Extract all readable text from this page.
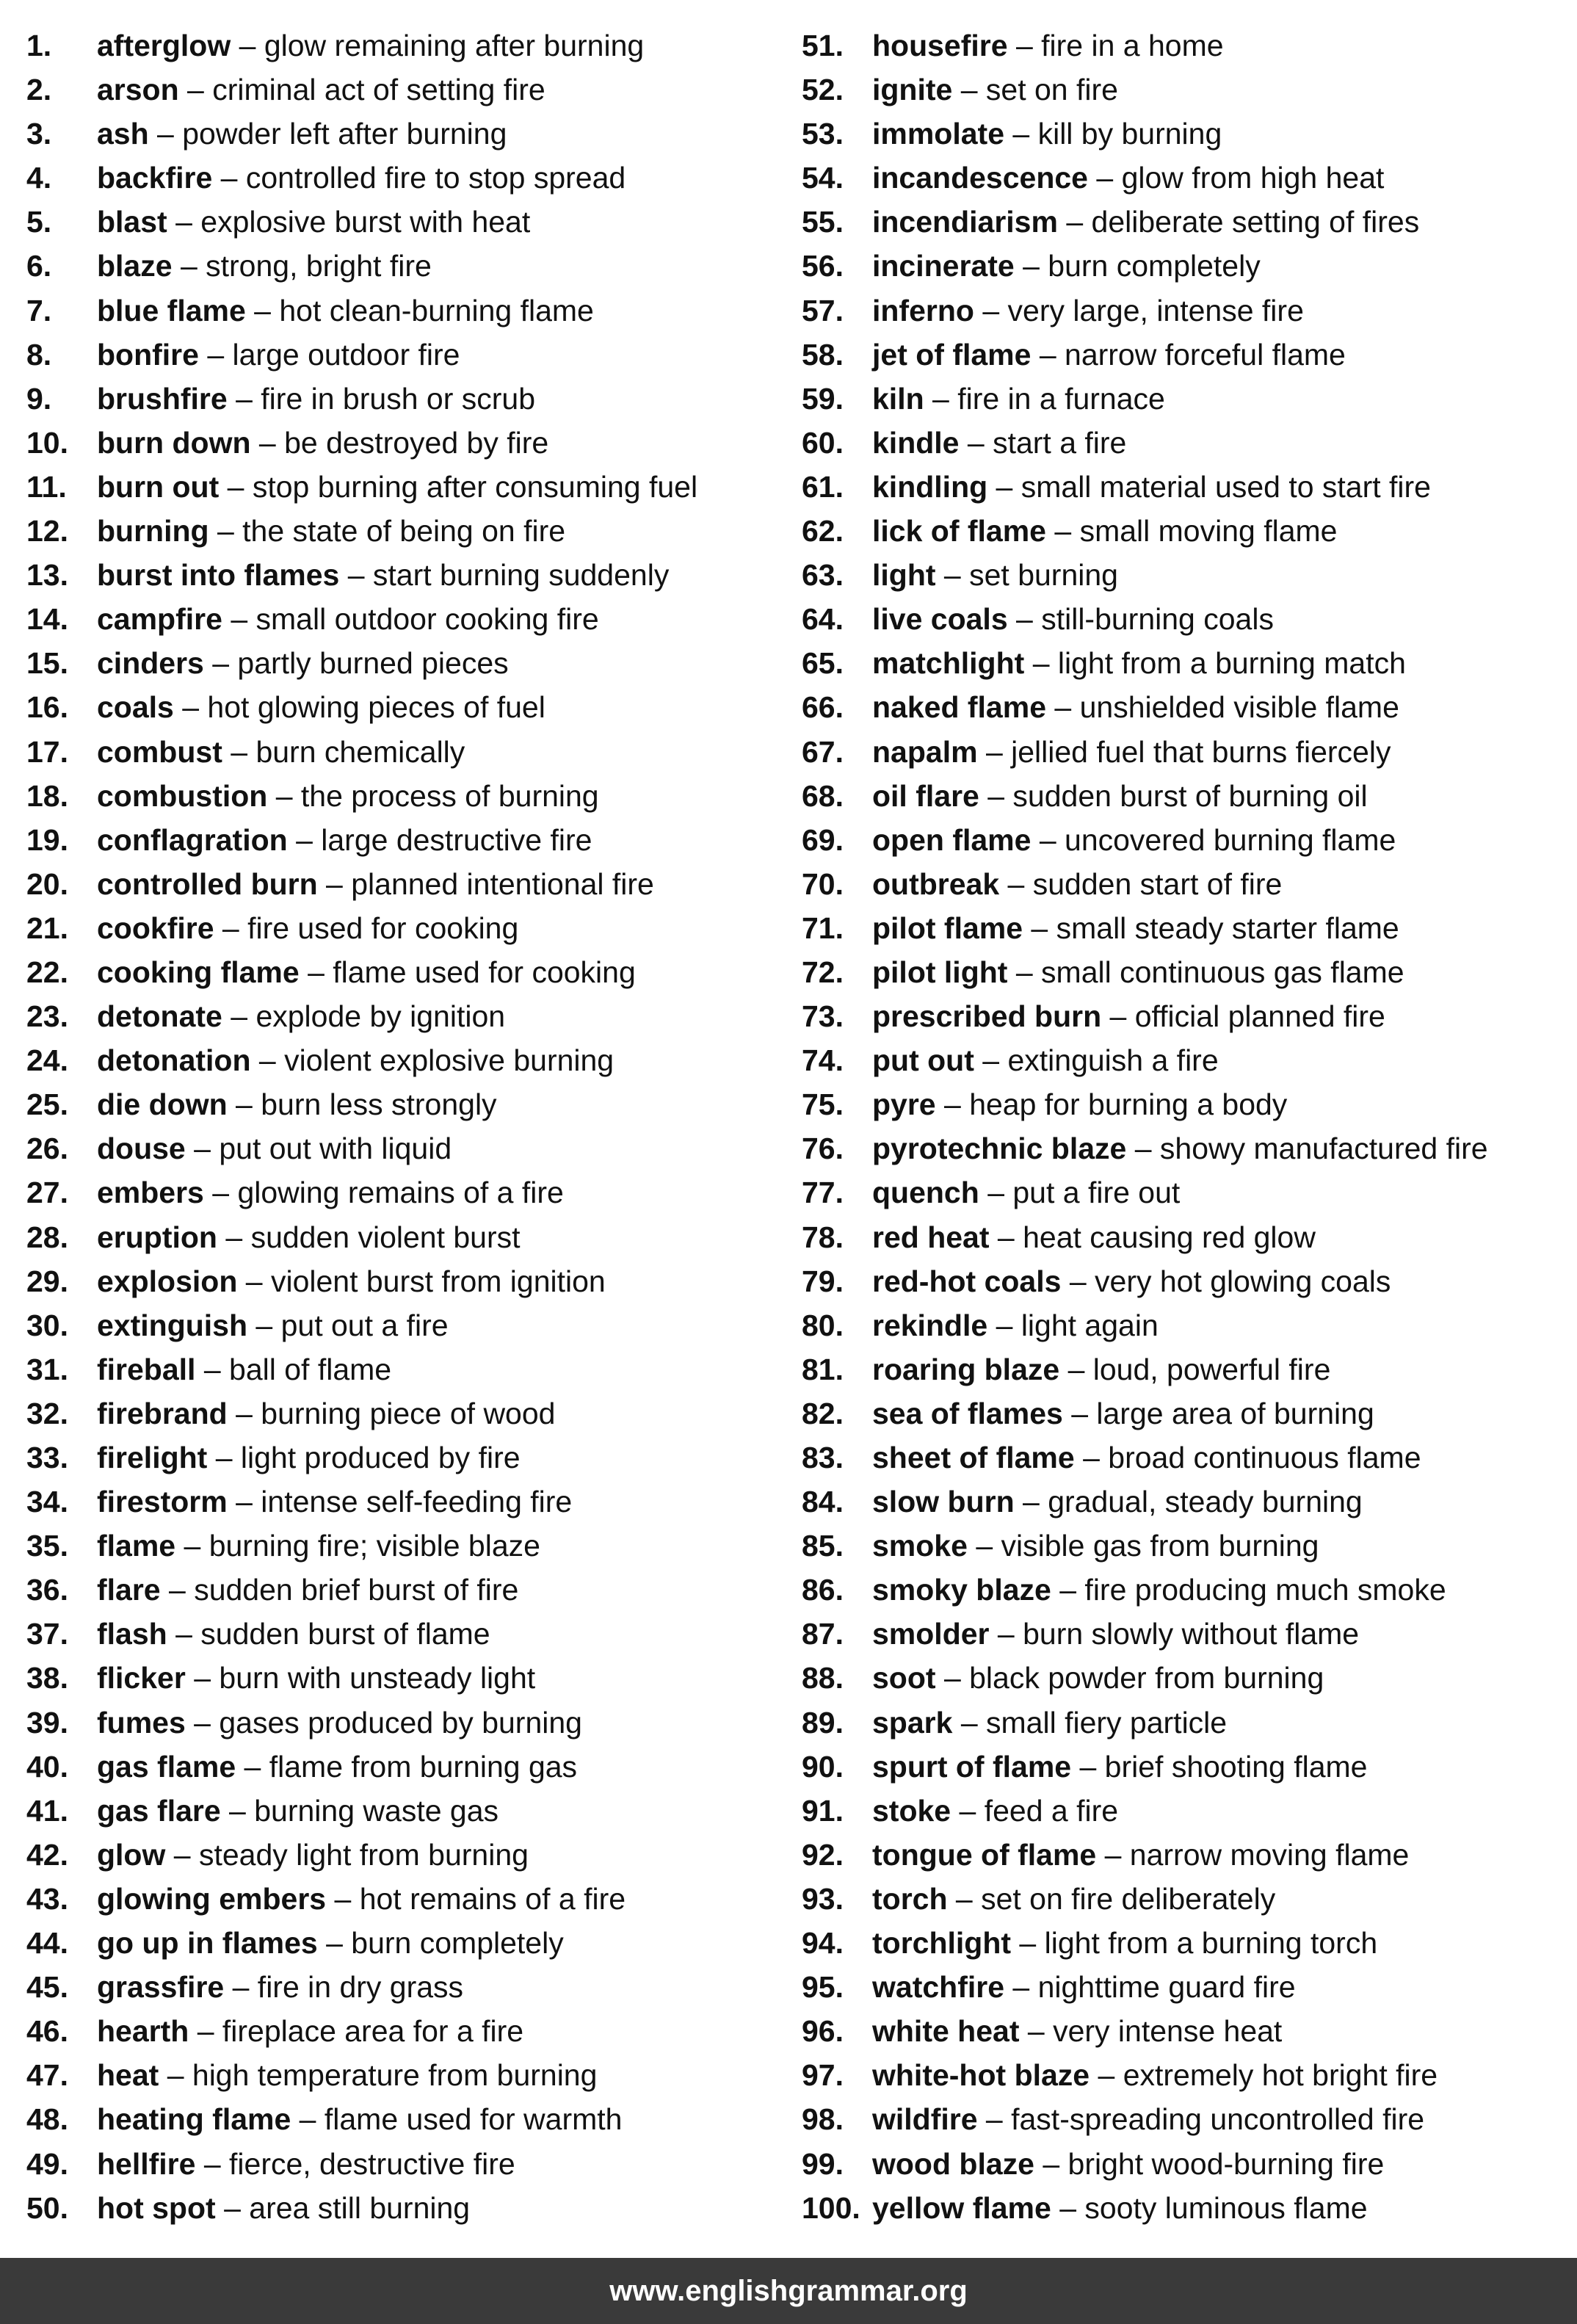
1. afterglow – glow remaining after burning
2. arson – criminal act of setting fire
3. ash – powder left after burning
4. backfire – controlled fire to stop spread
5. blast – explosive burst with heat
6. blaze – strong, bright fire
7. blue flame – hot clean-burning flame
8. bonfire – large outdoor fire
9. brushfire – fire in brush or scrub
10. burn down – be destroyed by fire
11. burn out – stop burning after consuming fuel
12. burning – the state of being on fire
13. burst into flames – start burning suddenly
14. campfire – small outdoor cooking fire
15. cinders – partly burned pieces
16. coals – hot glowing pieces of fuel
17. combust – burn chemically
18. combustion – the process of burning
19. conflagration – large destructive fire
20. controlled burn – planned intentional fire
21. cookfire – fire used for cooking
22. cooking flame – flame used for cooking
23. detonate – explode by ignition
24. detonation – violent explosive burning
25. die down – burn less strongly
26. douse – put out with liquid
27. embers – glowing remains of a fire
28. eruption – sudden violent burst
29. explosion – violent burst from ignition
30. extinguish – put out a fire
31. fireball – ball of flame
32. firebrand – burning piece of wood
33. firelight – light produced by fire
34. firestorm – intense self-feeding fire
35. flame – burning fire; visible blaze
36. flare – sudden brief burst of fire
37. flash – sudden burst of flame
38. flicker – burn with unsteady light
39. fumes – gases produced by burning
40. gas flame – flame from burning gas
41. gas flare – burning waste gas
42. glow – steady light from burning
43. glowing embers – hot remains of a fire
44. go up in flames – burn completely
45. grassfire – fire in dry grass
46. hearth – fireplace area for a fire
47. heat – high temperature from burning
48. heating flame – flame used for warmth
49. hellfire – fierce, destructive fire
50. hot spot – area still burning
51. housefire – fire in a home
52. ignite – set on fire
53. immolate – kill by burning
54. incandescence – glow from high heat
55. incendiarism – deliberate setting of fires
56. incinerate – burn completely
57. inferno – very large, intense fire
58. jet of flame – narrow forceful flame
59. kiln – fire in a furnace
60. kindle – start a fire
61. kindling – small material used to start fire
62. lick of flame – small moving flame
63. light – set burning
64. live coals – still-burning coals
65. matchlight – light from a burning match
66. naked flame – unshielded visible flame
67. napalm – jellied fuel that burns fiercely
68. oil flare – sudden burst of burning oil
69. open flame – uncovered burning flame
70. outbreak – sudden start of fire
71. pilot flame – small steady starter flame
72. pilot light – small continuous gas flame
73. prescribed burn – official planned fire
74. put out – extinguish a fire
75. pyre – heap for burning a body
76. pyrotechnic blaze – showy manufactured fire
77. quench – put a fire out
78. red heat – heat causing red glow
79. red-hot coals – very hot glowing coals
80. rekindle – light again
81. roaring blaze – loud, powerful fire
82. sea of flames – large area of burning
83. sheet of flame – broad continuous flame
84. slow burn – gradual, steady burning
85. smoke – visible gas from burning
86. smoky blaze – fire producing much smoke
87. smolder – burn slowly without flame
88. soot – black powder from burning
89. spark – small fiery particle
90. spurt of flame – brief shooting flame
91. stoke – feed a fire
92. tongue of flame – narrow moving flame
93. torch – set on fire deliberately
94. torchlight – light from a burning torch
95. watchfire – nighttime guard fire
96. white heat – very intense heat
97. white-hot blaze – extremely hot bright fire
98. wildfire – fast-spreading uncontrolled fire
99. wood blaze – bright wood-burning fire
100. yellow flame – sooty luminous flame
www.englishgrammar.org
